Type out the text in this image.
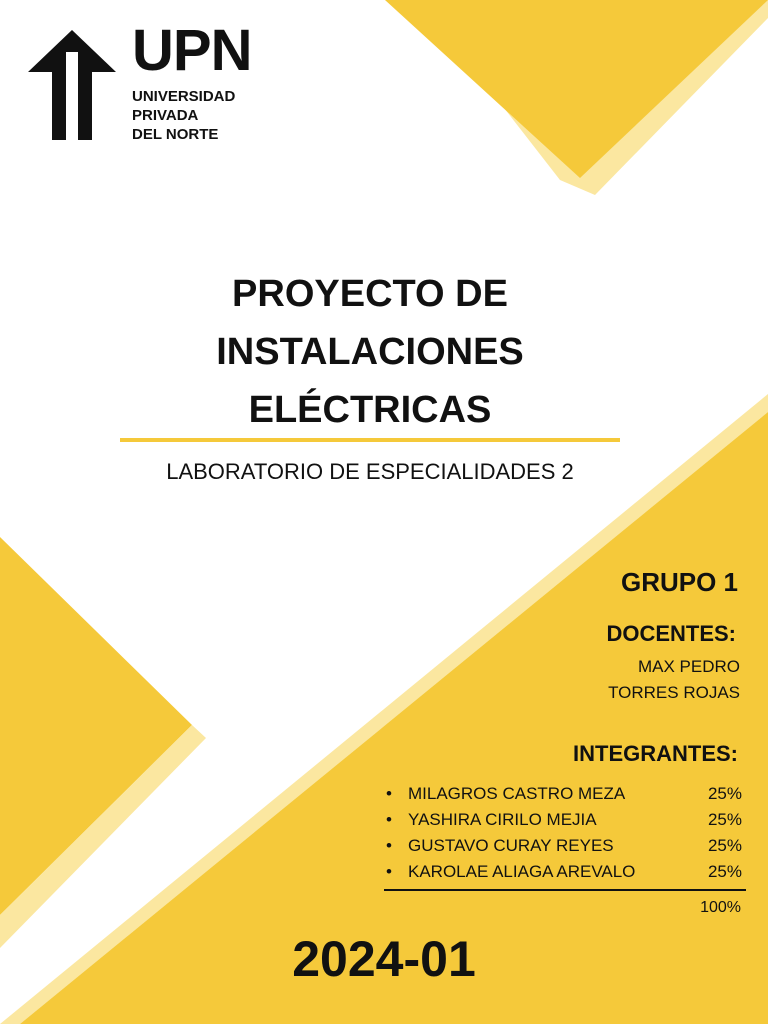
UPN
UNIVERSIDAD
PRIVADA
DEL NORTE
PROYECTO DE
INSTALACIONES
ELÉCTRICAS
LABORATORIO DE ESPECIALIDADES 2
GRUPO 1
DOCENTES:
MAX PEDRO
TORRES ROJAS
INTEGRANTES:
• MILAGROS CASTRO MEZA	25%
• YASHIRA CIRILO MEJIA	25%
• GUSTAVO CURAY REYES	25%
• KAROLAE ALIAGA AREVALO	25%
100%
2024-01
